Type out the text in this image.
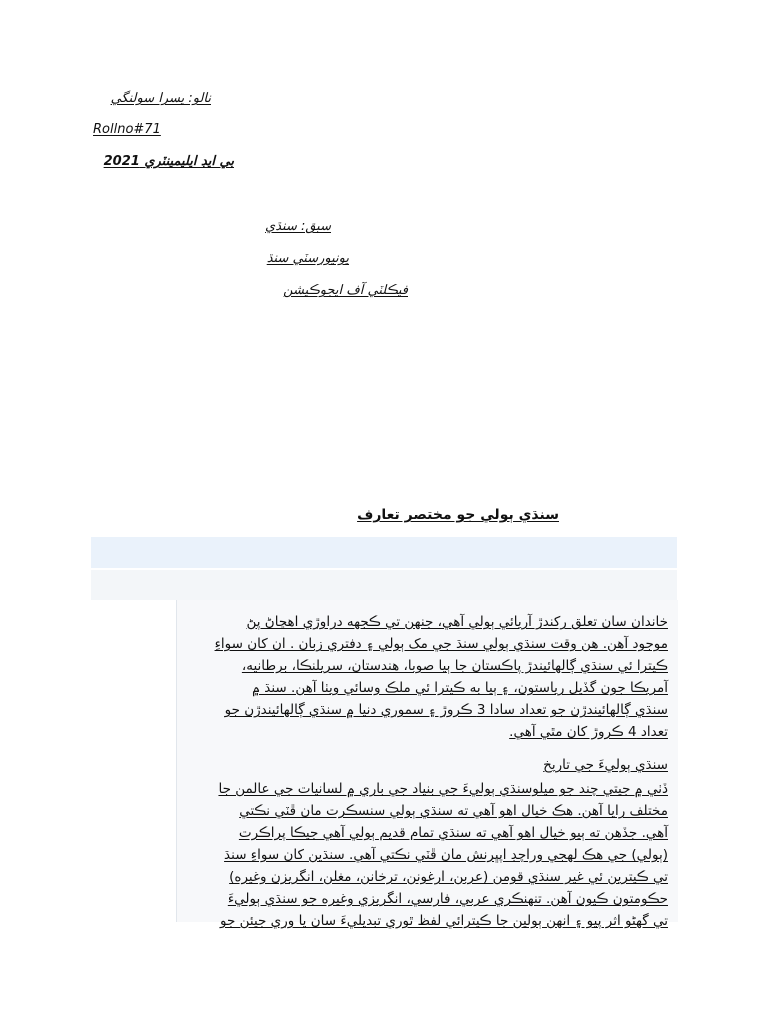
نالو: يسرا سولنگي
Rollno#71
بي ايڊ ايليمينٽري 2021
سبق: سنڌي
يونيورسٽي سنڌ
فيڪلٽي آف ايجوڪيشن
سنڌي ٻولي جو مختصر تعارف
خاندان سان تعلق رکندڙ آريائي ٻولي آهي، جنهن تي ڪجهه دراوڙي اهڃاڻ پڻ
موجود آهن. هن وقت سنڌي ٻولي سنڌ جي مک ٻولي ۽ دفتري زبان . ان کان سواءِ
ڪيترا ئي سنڌي ڳالهائيندڙ پاڪستان جا ٻيا صوبا، هندستان، سريلنڪا، برطانيه،
آمريڪا جون گڏيل رياستون، ۽ ٻيا به ڪيترا ئي ملڪ وسائي ويٺا آهن. سنڌ ۾
سنڌي ڳالهائيندڙن جو تعداد سادا 3 ڪروڙ ۽ سموري دنيا ۾ سنڌي ڳالهائيندڙن جو
تعداد 4 ڪروڙ کان مٿي آهي.
سنڌي ٻوليءَ جي تاريخ
ڏٺي ۾ جيتي چند جو ميلوسنڌي ٻوليءَ جي بنياد جي باري ۾ لسانيات جي عالمن جا
مختلف رايا آهن. هڪ خيال اهو آهي ته سنڌي ٻولي سنسڪرت مان ڦٽي نڪتي
آهي. جڏهن ته ٻيو خيال اهو آهي ته سنڌي تمام قديم ٻولي آهي جيڪا پراڪرت
(ٻولي) جي هڪ لهجي وراچڊ اپڀرنش مان ڦٽي نڪتي آهي. سنڌين کان سواءِ سنڌ
تي ڪيترين ئي غير سنڌي قومن (عربن، ارغونن، ترخانن، مغلن، انگريزن وغيره)
حڪومتون ڪيون آهن. تنهنڪري عربي، فارسي، انگريزي وغيره جو سنڌي ٻوليءَ
تي گهڻو اثر پيو ۽ انهن ٻولين جا ڪيترائي لفظ ٿوري تبديليءَ سان يا وري جيئن جو
